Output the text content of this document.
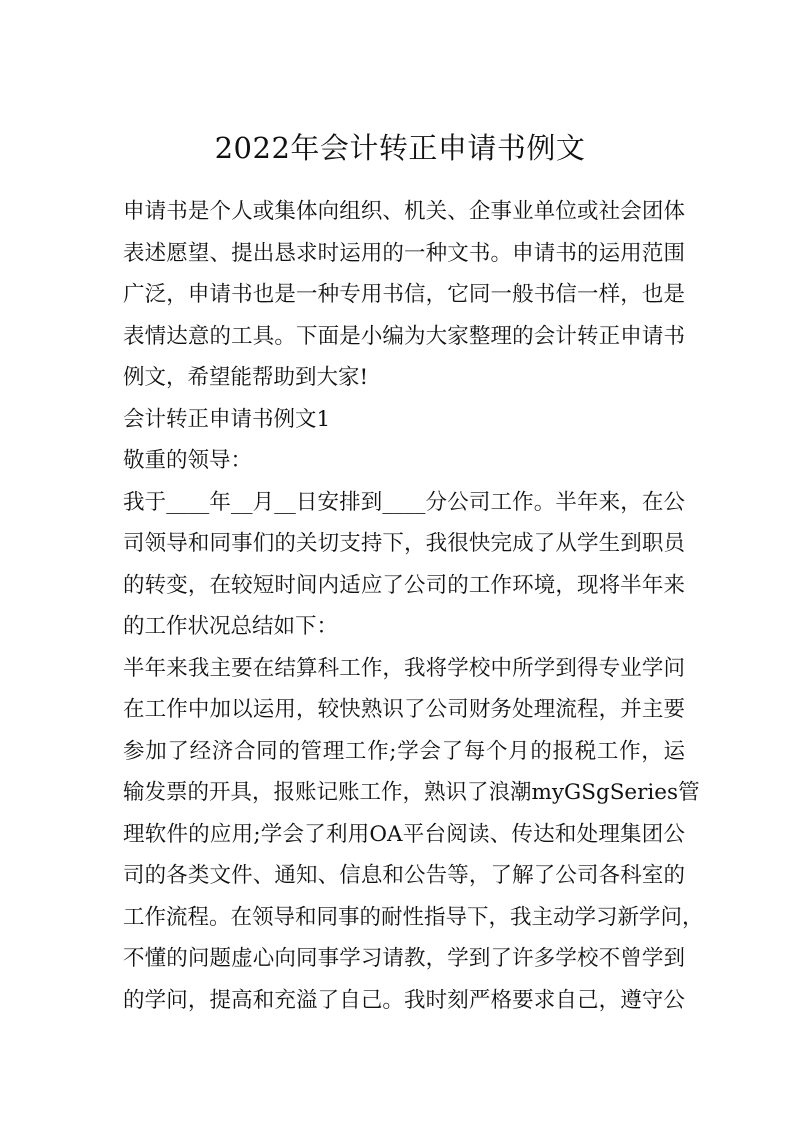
2022年会计转正申请书例文
申请书是个人或集体向组织、机关、企事业单位或社会团体
表述愿望、提出恳求时运用的一种文书。申请书的运用范围
广泛，申请书也是一种专用书信，它同一般书信一样，也是
表情达意的工具。下面是小编为大家整理的会计转正申请书
例文，希望能帮助到大家!
会计转正申请书例文1
敬重的领导：
我于____年__月__日安排到____分公司工作。半年来，在公
司领导和同事们的关切支持下，我很快完成了从学生到职员
的转变，在较短时间内适应了公司的工作环境，现将半年来
的工作状况总结如下：
半年来我主要在结算科工作，我将学校中所学到得专业学问
在工作中加以运用，较快熟识了公司财务处理流程，并主要
参加了经济合同的管理工作;学会了每个月的报税工作，运
输发票的开具，报账记账工作，熟识了浪潮myGSgSeries管
理软件的应用;学会了利用OA平台阅读、传达和处理集团公
司的各类文件、通知、信息和公告等，了解了公司各科室的
工作流程。在领导和同事的耐性指导下，我主动学习新学问，
不懂的问题虚心向同事学习请教，学到了许多学校不曾学到
的学问，提高和充溢了自己。我时刻严格要求自己，遵守公
